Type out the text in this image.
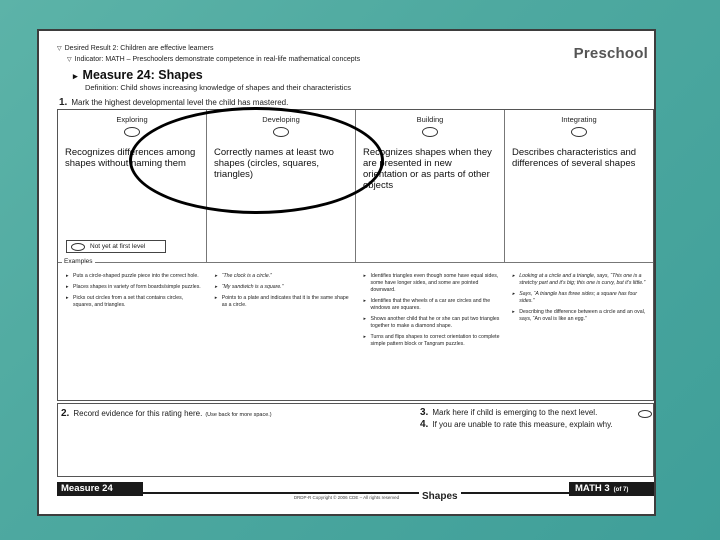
▽ Desired Result 2: Children are effective learners
▽ Indicator: MATH – Preschoolers demonstrate competence in real-life mathematical concepts	Preschool
▸ Measure 24: Shapes
Definition: Child shows increasing knowledge of shapes and their characteristics
1. Mark the highest developmental level the child has mastered.
Exploring
Recognizes differences among shapes without naming them
Not yet at first level
Developing
Correctly names at least two shapes (circles, squares, triangles)
Building
Recognizes shapes when they are presented in new orientation or as parts of other objects
Integrating
Describes characteristics and differences of several shapes
Examples
▸ Puts a circle-shaped puzzle piece into the correct hole.
▸ Places shapes in variety of form boards/simple puzzles.
▸ Picks out circles from a set that contains circles, squares, and triangles.
▸ “The clock is a circle.”
▸ “My sandwich is a square.”
▸ Points to a plate and indicates that it is the same shape as a circle.
▸ Identifies triangles even though some have equal sides, some have longer sides, and some are pointed downward.
▸ Identifies that the wheels of a car are circles and the windows are squares.
▸ Shows another child that he or she can put two triangles together to make a diamond shape.
▸ Turns and flips shapes to correct orientation to complete simple pattern block or Tangram puzzles.
▸ Looking at a circle and a triangle, says, “This one is a stretchy part and it’s big; this one is curvy, but it’s little.”
▸ Says, “A triangle has three sides; a square has four sides.”
▸ Describing the difference between a circle and an oval, says, “An oval is like an egg.”
2. Record evidence for this rating here. (Use back for more space.)	3. Mark here if child is emerging to the next level.
4. If you are unable to rate this measure, explain why.
Measure 24
Shapes
MATH 3 (of 7)
DRDP-R Copyright © 2006 CDE – All rights reserved
